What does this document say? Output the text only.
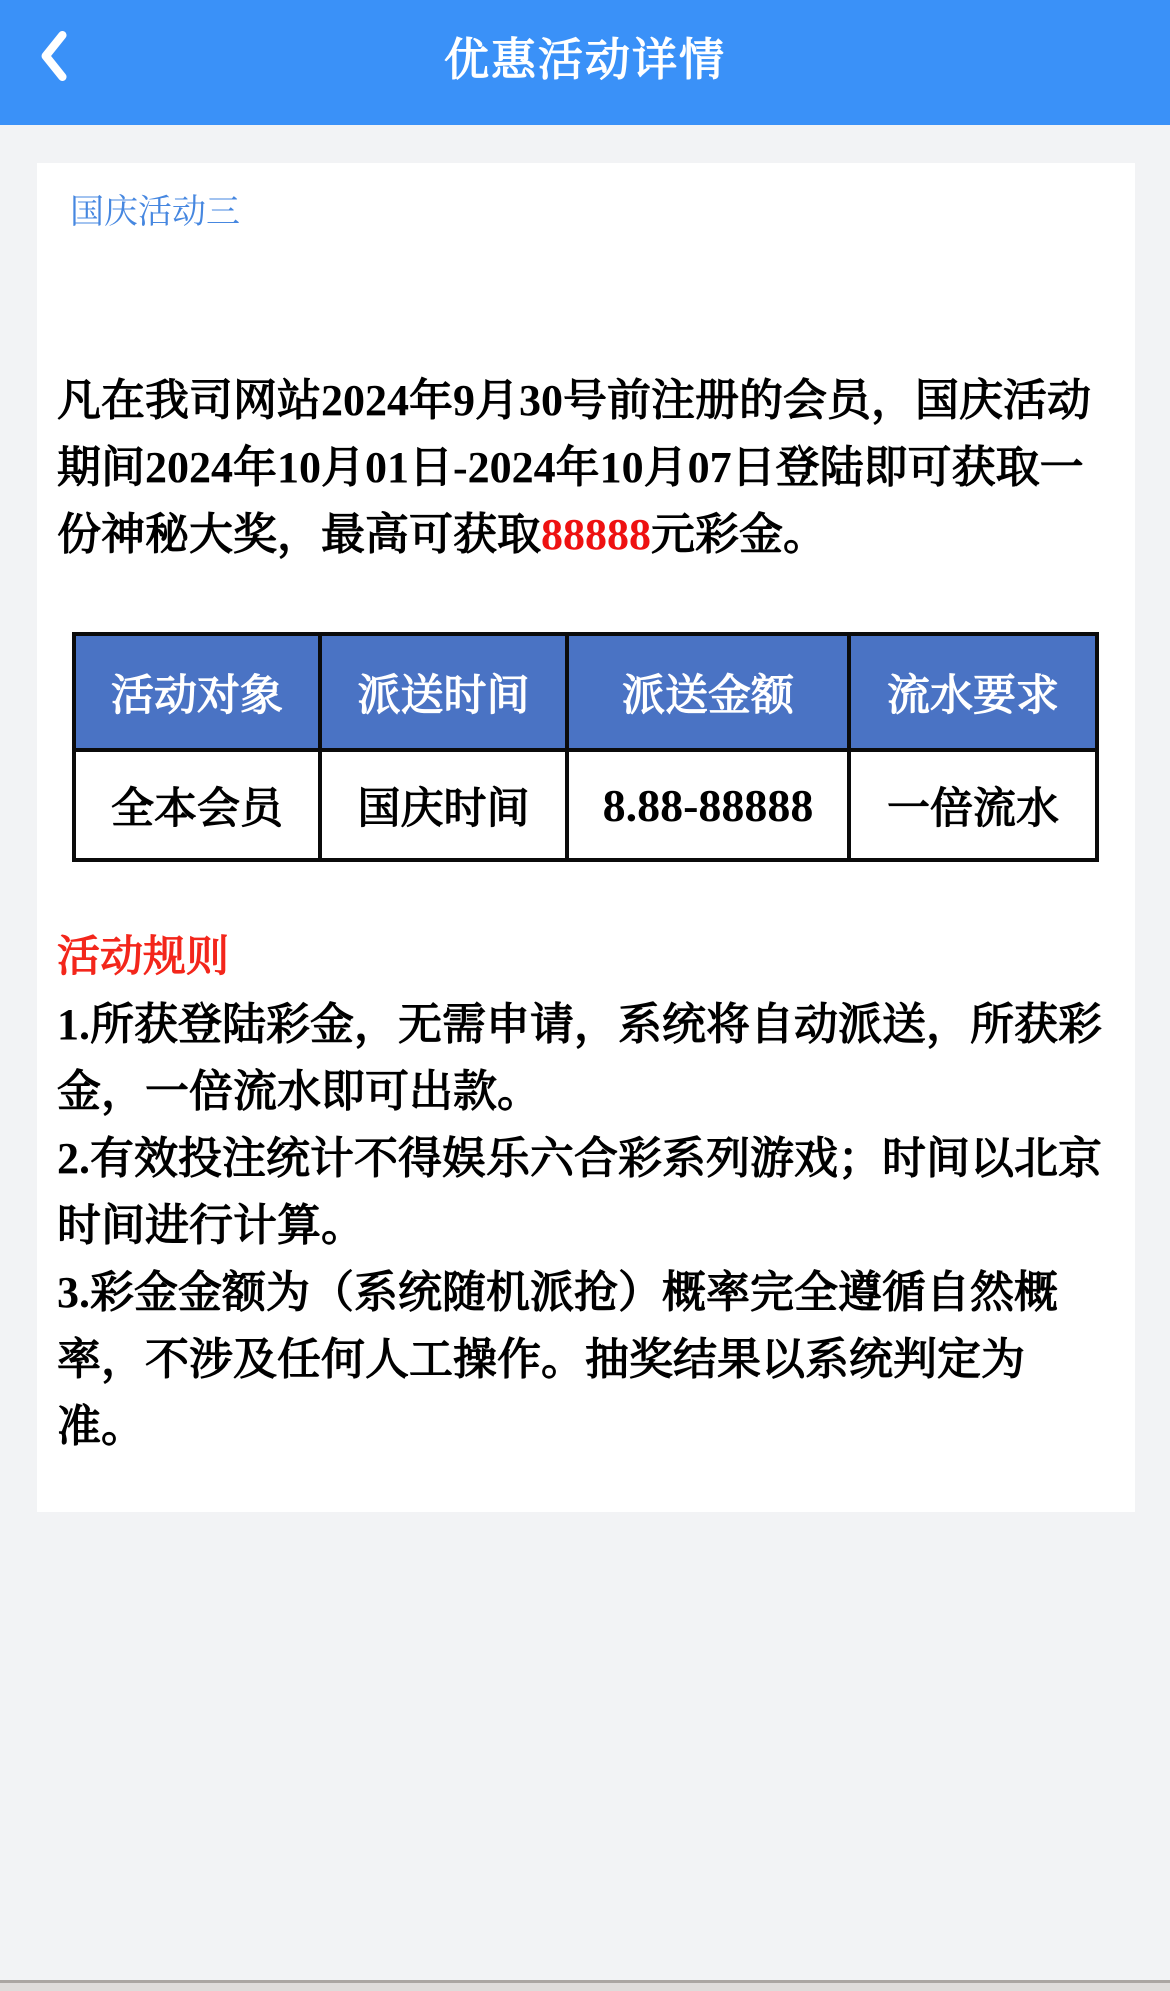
优惠活动详情
国庆活动三

凡在我司网站2024年9月30号前注册的会员，国庆活动期间2024年10月01日-2024年10月07日登陆即可获取一份神秘大奖，最高可获取88888元彩金。

活动对象	派送时间	派送金额	流水要求
全本会员	国庆时间	8.88-88888	一倍流水

活动规则

1.所获登陆彩金，无需申请，系统将自动派送，所获彩金，一倍流水即可出款。

2.有效投注统计不得娱乐六合彩系列游戏；时间以北京时间进行计算。

3.彩金金额为（系统随机派抢）概率完全遵循自然概率，不涉及任何人工操作。抽奖结果以系统判定为准。
